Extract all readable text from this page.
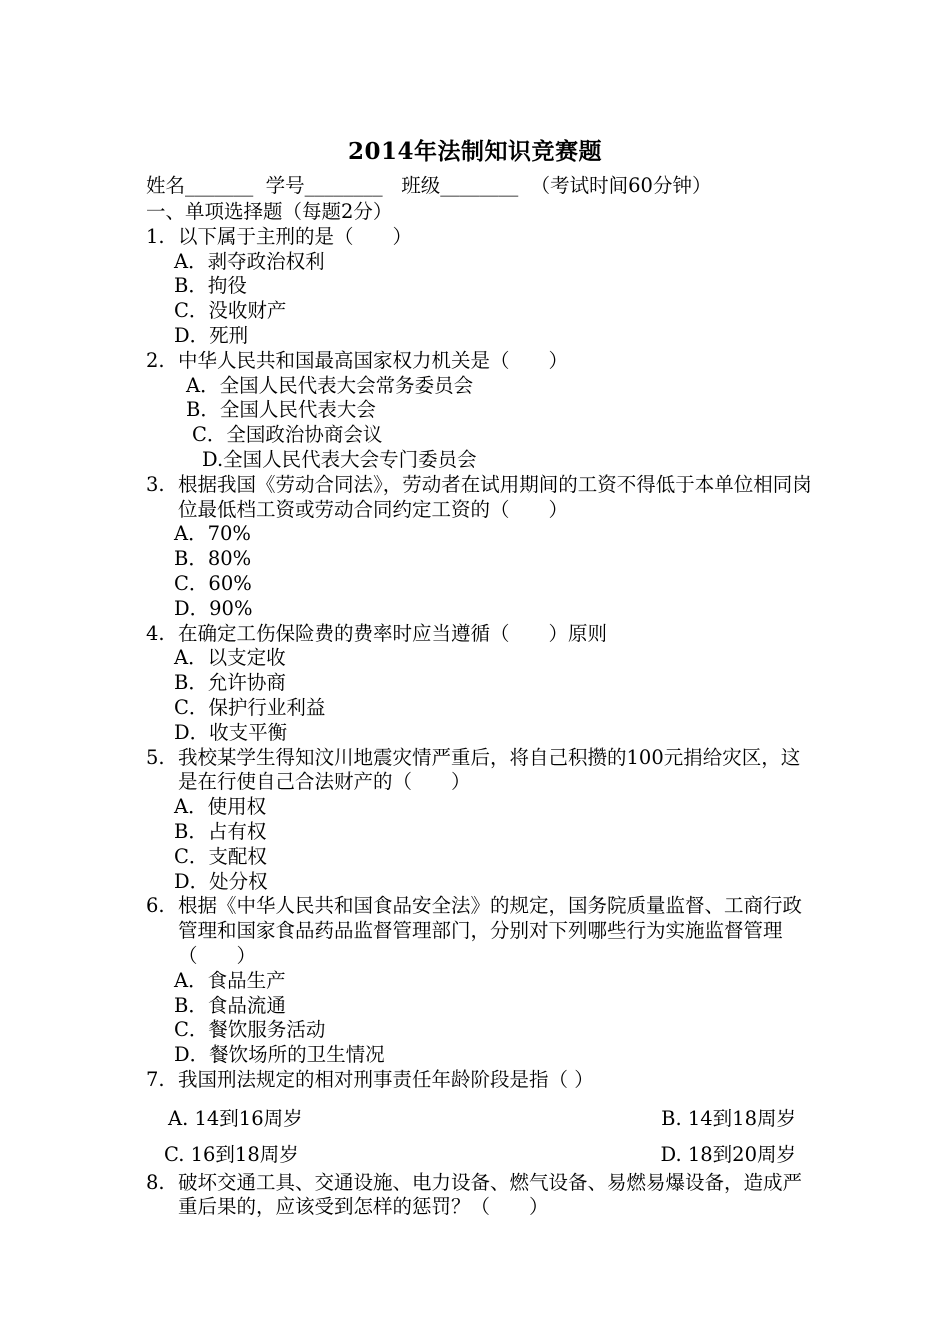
2014年法制知识竞赛题
姓名_______  学号________   班级________  （考试时间60分钟）
一、单项选择题（每题2分）
1. 以下属于主刑的是（　　）
A．剥夺政治权利
B．拘役
C．没收财产
D．死刑
2. 中华人民共和国最高国家权力机关是（　　）
A．全国人民代表大会常务委员会
B．全国人民代表大会
C．全国政治协商会议
D.全国人民代表大会专门委员会
3. 根据我国《劳动合同法》，劳动者在试用期间的工资不得低于本单位相同岗位最低档工资或劳动合同约定工资的（　　）
A．70%
B．80%
C．60%
D．90%
4. 在确定工伤保险费的费率时应当遵循（　　）原则
A．以支定收
B．允许协商
C．保护行业利益
D．收支平衡
5. 我校某学生得知汶川地震灾情严重后，将自己积攒的100元捐给灾区，这是在行使自己合法财产的（　　）
A．使用权
B．占有权
C．支配权
D．处分权
6. 根据《中华人民共和国食品安全法》的规定，国务院质量监督、工商行政管理和国家食品药品监督管理部门，分别对下列哪些行为实施监督管理（　　）
A．食品生产
B．食品流通
C．餐饮服务活动
D．餐饮场所的卫生情况
7. 我国刑法规定的相对刑事责任年龄阶段是指（ ）
A. 14到16周岁	B. 14到18周岁
C. 16到18周岁	D. 18到20周岁
8. 破坏交通工具、交通设施、电力设备、燃气设备、易燃易爆设备，造成严重后果的，应该受到怎样的惩罚？（　　）
